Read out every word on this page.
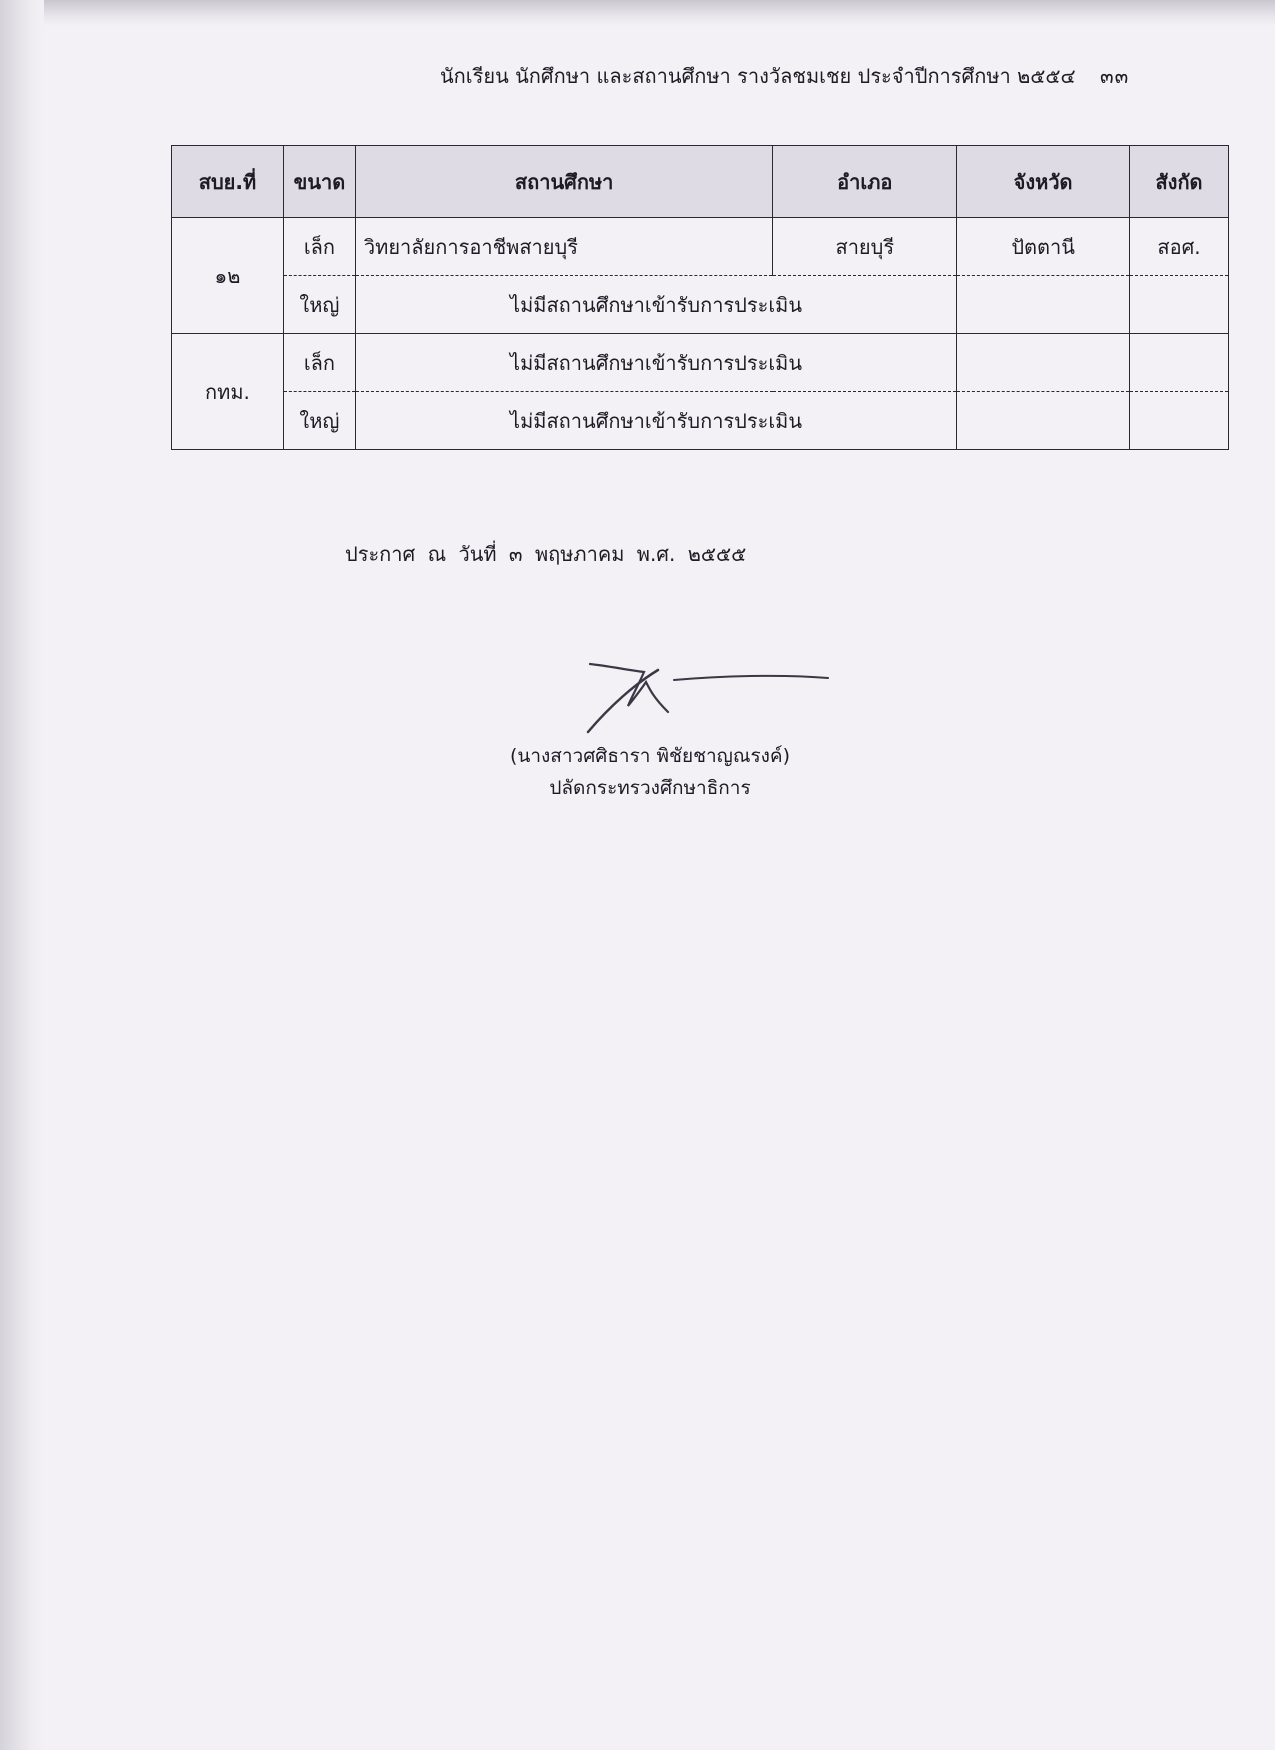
นักเรียน นักศึกษา และสถานศึกษา รางวัลชมเชย ประจำปีการศึกษา ๒๕๕๔ ๓๓
สบย.ที่	ขนาด	สถานศึกษา	อำเภอ	จังหวัด	สังกัด
๑๒	เล็ก	วิทยาลัยการอาชีพสายบุรี	สายบุรี	ปัตตานี	สอศ.
	ใหญ่	ไม่มีสถานศึกษาเข้ารับการประเมิน			
กทม.	เล็ก	ไม่มีสถานศึกษาเข้ารับการประเมิน			
	ใหญ่	ไม่มีสถานศึกษาเข้ารับการประเมิน			
ประกาศ ณ วันที่ ๓ พฤษภาคม พ.ศ. ๒๕๕๕
(นางสาวศศิธารา พิชัยชาญณรงค์)
ปลัดกระทรวงศึกษาธิการ
